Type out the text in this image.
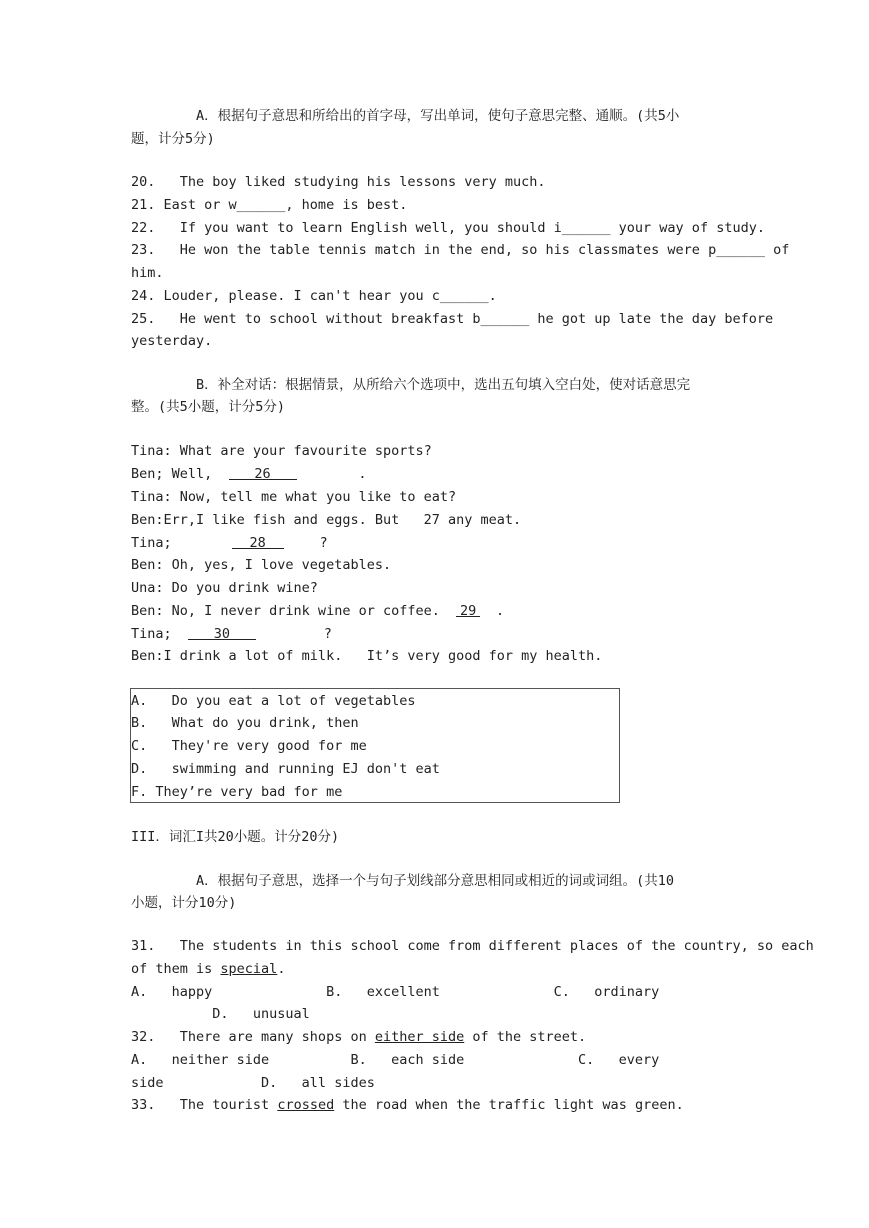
A．根据句子意思和所给出的首字母，写出单词，使句子意思完整、通顺。(共5小
题，计分5分)
20.   The boy liked studying his lessons very much.
21. East or w______, home is best.
22.   If you want to learn English well, you should i______ your way of study.
23.   He won the table tennis match in the end, so his classmates were p______ of
him.
24. Louder, please. I can't hear you c______.
25.   He went to school without breakfast b______ he got up late the day before
yesterday.
B．补全对话：根据情景，从所给六个选项中，选出五句填入空白处，使对话意思完
整。(共5小题，计分5分)
Tina: What are your favourite sports?
Ben; Well,  26	.
Tina: Now, tell me what you like to eat?
Ben:Err,I like fish and eggs. But   27 any meat.
Tina;	28	?
Ben: Oh, yes, I love vegetables.
Una: Do you drink wine?
Ben: No, I never drink wine or coffee.  29 .
Tina;  30	?
Ben:I drink a lot of milk.   It’s very good for my health.
A.   Do you eat a lot of vegetables
B.   What do you drink, then
C.   They're very good for me
D.   swimming and running EJ don't eat
F. They’re very bad for me
III．词汇I共20小题。计分20分)
A．根据句子意思，选择一个与句子划线部分意思相同或相近的词或词组。(共10
小题，计分10分)
31.   The students in this school come from different places of the country, so each
of them is special.
A.   happy              B.   excellent              C.   ordinary
D.   unusual
32.   There are many shops on either side of the street.
A.   neither side          B.   each side              C.   every
side            D.   all sides
33.   The tourist crossed the road when the traffic light was green.
